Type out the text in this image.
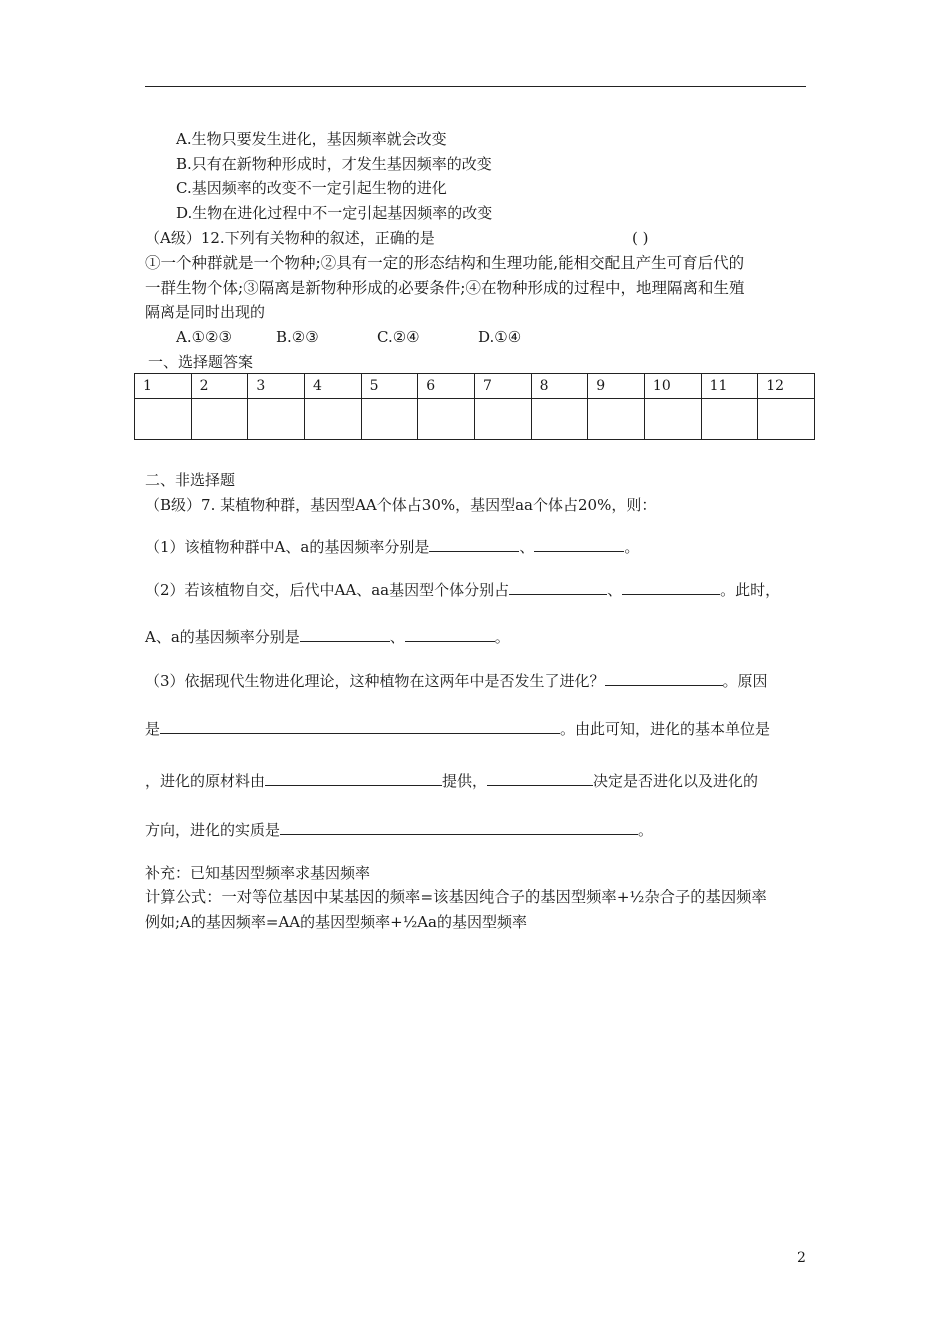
A.生物只要发生进化，基因频率就会改变
B.只有在新物种形成时，才发生基因频率的改变
C.基因频率的改变不一定引起生物的进化
D.生物在进化过程中不一定引起基因频率的改变
（A级）12.下列有关物种的叙述，正确的是	( )
①一个种群就是一个物种;②具有一定的形态结构和生理功能,能相交配且产生可育后代的
一群生物个体;③隔离是新物种形成的必要条件;④在物种形成的过程中，地理隔离和生殖
隔离是同时出现的
A.①②③	B.②③	C.②④	D.①④
一、选择题答案
1	2	3	4	5	6	7	8	9	10	11	12

二、非选择题
（B级）7. 某植物种群，基因型AA个体占30%，基因型aa个体占20%，则：
（1）该植物种群中A、a的基因频率分别是	、	。
（2）若该植物自交，后代中AA、aa基因型个体分别占	、	。此时，
A、a的基因频率分别是	、	。
（3）依据现代生物进化理论，这种植物在这两年中是否发生了进化？	。原因
是	。由此可知，进化的基本单位是
，进化的原材料由	提供，	决定是否进化以及进化的
方向，进化的实质是	。
补充：已知基因型频率求基因频率
计算公式：一对等位基因中某基因的频率=该基因纯合子的基因型频率+½杂合子的基因频率
例如;A的基因频率=AA的基因型频率+½Aa的基因型频率
2
